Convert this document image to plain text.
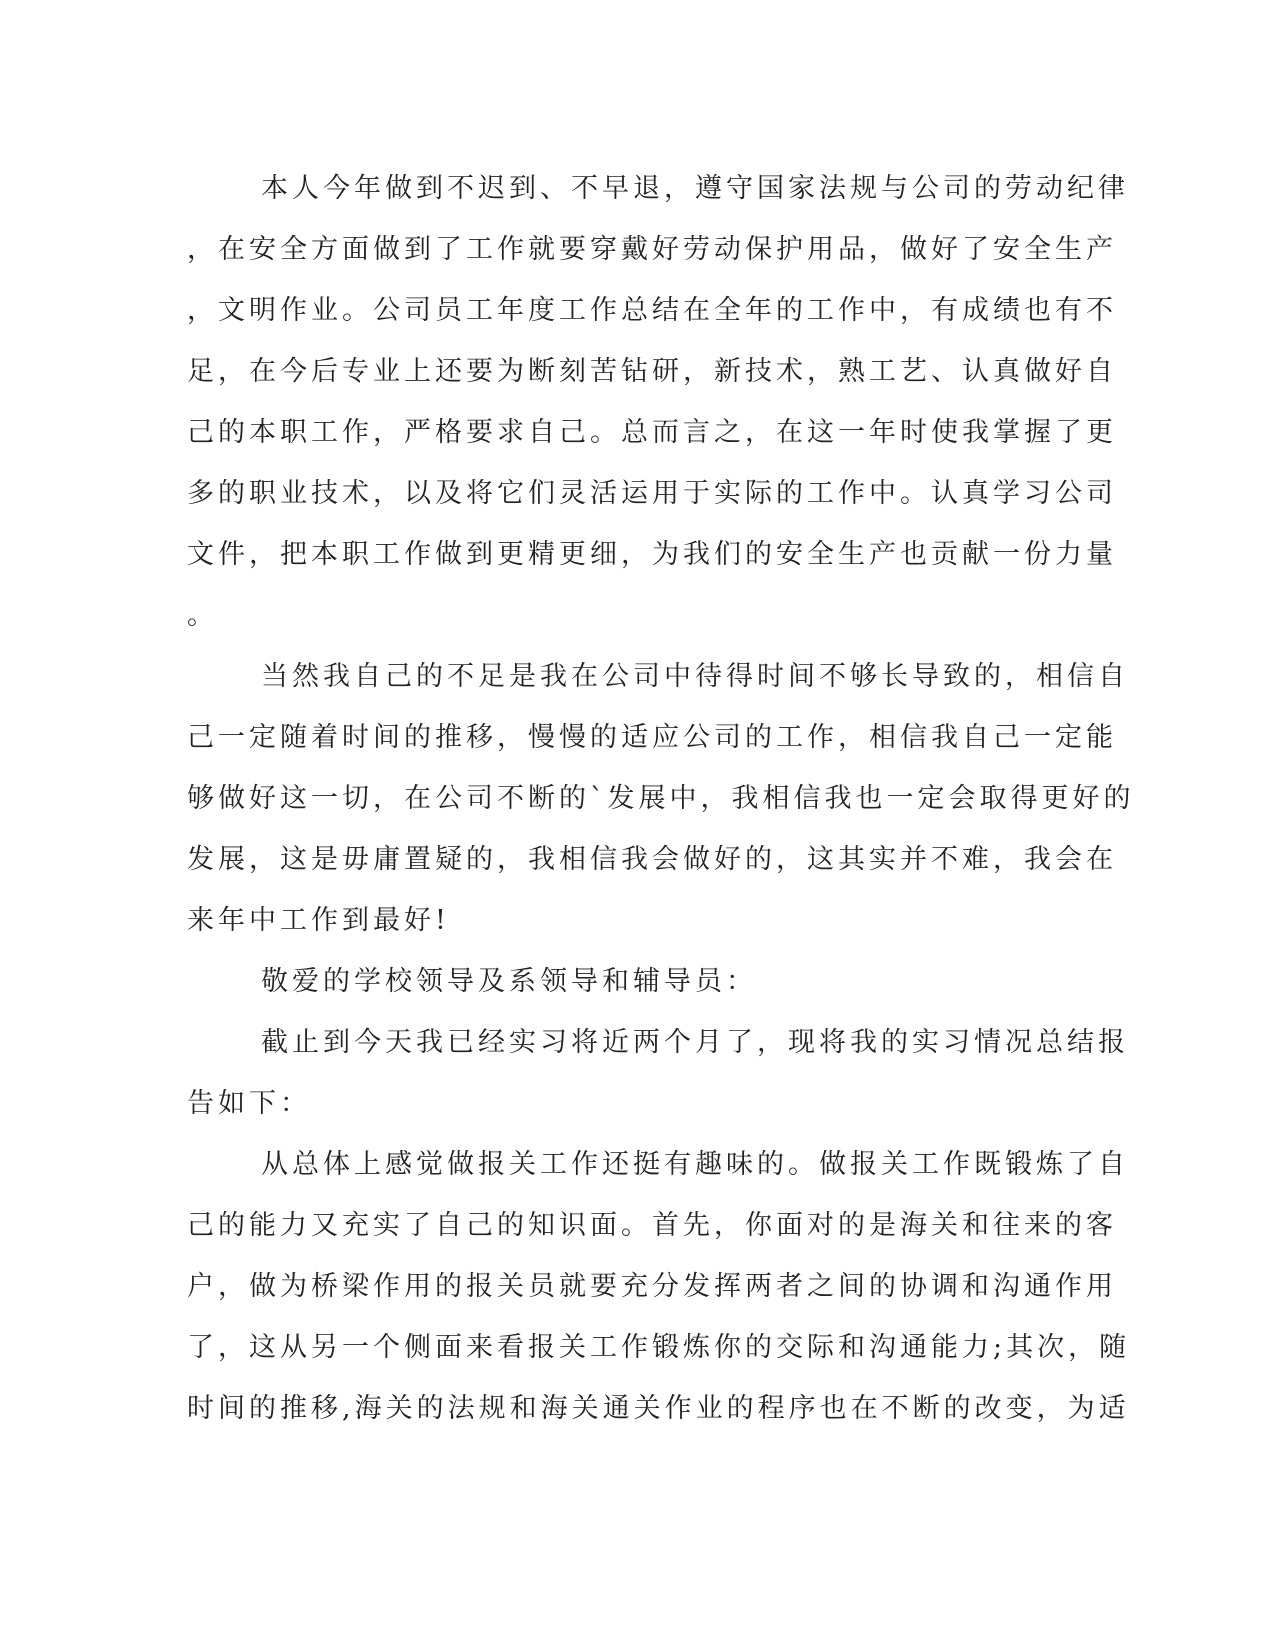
本人今年做到不迟到、不早退，遵守国家法规与公司的劳动纪律
，在安全方面做到了工作就要穿戴好劳动保护用品，做好了安全生产
，文明作业。公司员工年度工作总结在全年的工作中，有成绩也有不
足，在今后专业上还要为断刻苦钻研，新技术，熟工艺、认真做好自
己的本职工作，严格要求自己。总而言之，在这一年时使我掌握了更
多的职业技术，以及将它们灵活运用于实际的工作中。认真学习公司
文件，把本职工作做到更精更细，为我们的安全生产也贡献一份力量
。
当然我自己的不足是我在公司中待得时间不够长导致的，相信自
己一定随着时间的推移，慢慢的适应公司的工作，相信我自己一定能
够做好这一切，在公司不断的`发展中，我相信我也一定会取得更好的
发展，这是毋庸置疑的，我相信我会做好的，这其实并不难，我会在
来年中工作到最好!
敬爱的学校领导及系领导和辅导员：
截止到今天我已经实习将近两个月了，现将我的实习情况总结报
告如下：
从总体上感觉做报关工作还挺有趣味的。做报关工作既锻炼了自
己的能力又充实了自己的知识面。首先，你面对的是海关和往来的客
户，做为桥梁作用的报关员就要充分发挥两者之间的协调和沟通作用
了，这从另一个侧面来看报关工作锻炼你的交际和沟通能力;其次，随
时间的推移,海关的法规和海关通关作业的程序也在不断的改变，为适
